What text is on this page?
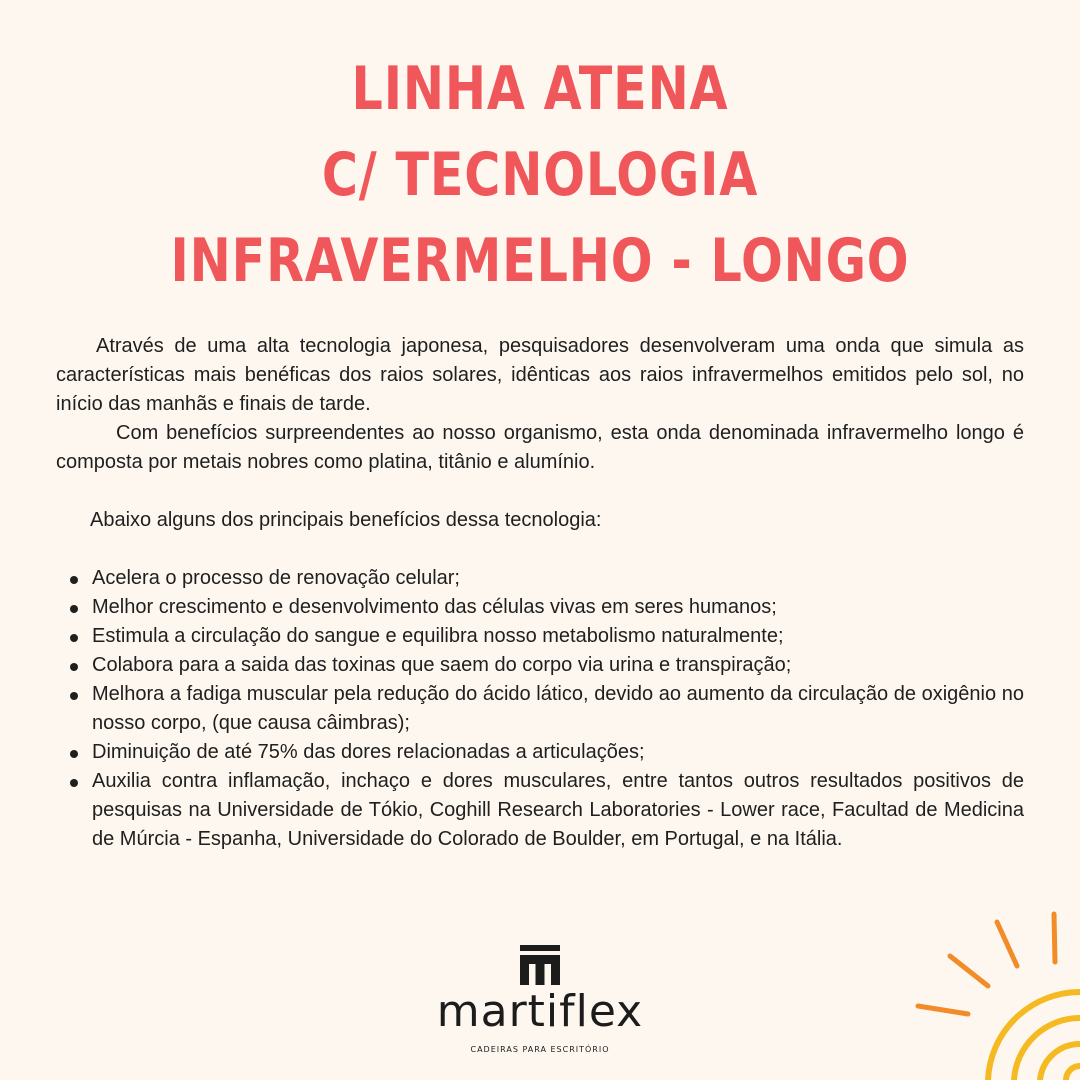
LINHA ATENA
C/ TECNOLOGIA
INFRAVERMELHO - LONGO

Através de uma alta tecnologia japonesa, pesquisadores desenvolveram uma onda que simula as características mais benéficas dos raios solares, idênticas aos raios infravermelhos emitidos pelo sol, no início das manhãs e finais de tarde.

Com benefícios surpreendentes ao nosso organismo, esta onda denominada infravermelho longo é composta por metais nobres como platina, titânio e alumínio.

Abaixo alguns dos principais benefícios dessa tecnologia:

Acelera o processo de renovação celular;
Melhor crescimento e desenvolvimento das células vivas em seres humanos;
Estimula a circulação do sangue e equilibra nosso metabolismo naturalmente;
Colabora para a saida das toxinas que saem do corpo via urina e transpiração;
Melhora a fadiga muscular pela redução do ácido lático, devido ao aumento da circulação de oxigênio no nosso corpo, (que causa câimbras);
Diminuição de até 75% das dores relacionadas a articulações;
Auxilia contra inflamação, inchaço e dores musculares, entre tantos outros resultados positivos de pesquisas na Universidade de Tókio, Coghill Research Laboratories - Lower race, Facultad de Medicina de Múrcia - Espanha, Universidade do Colorado de Boulder, em Portugal, e na Itália.
martiflex
CADEIRAS PARA ESCRITÓRIO
